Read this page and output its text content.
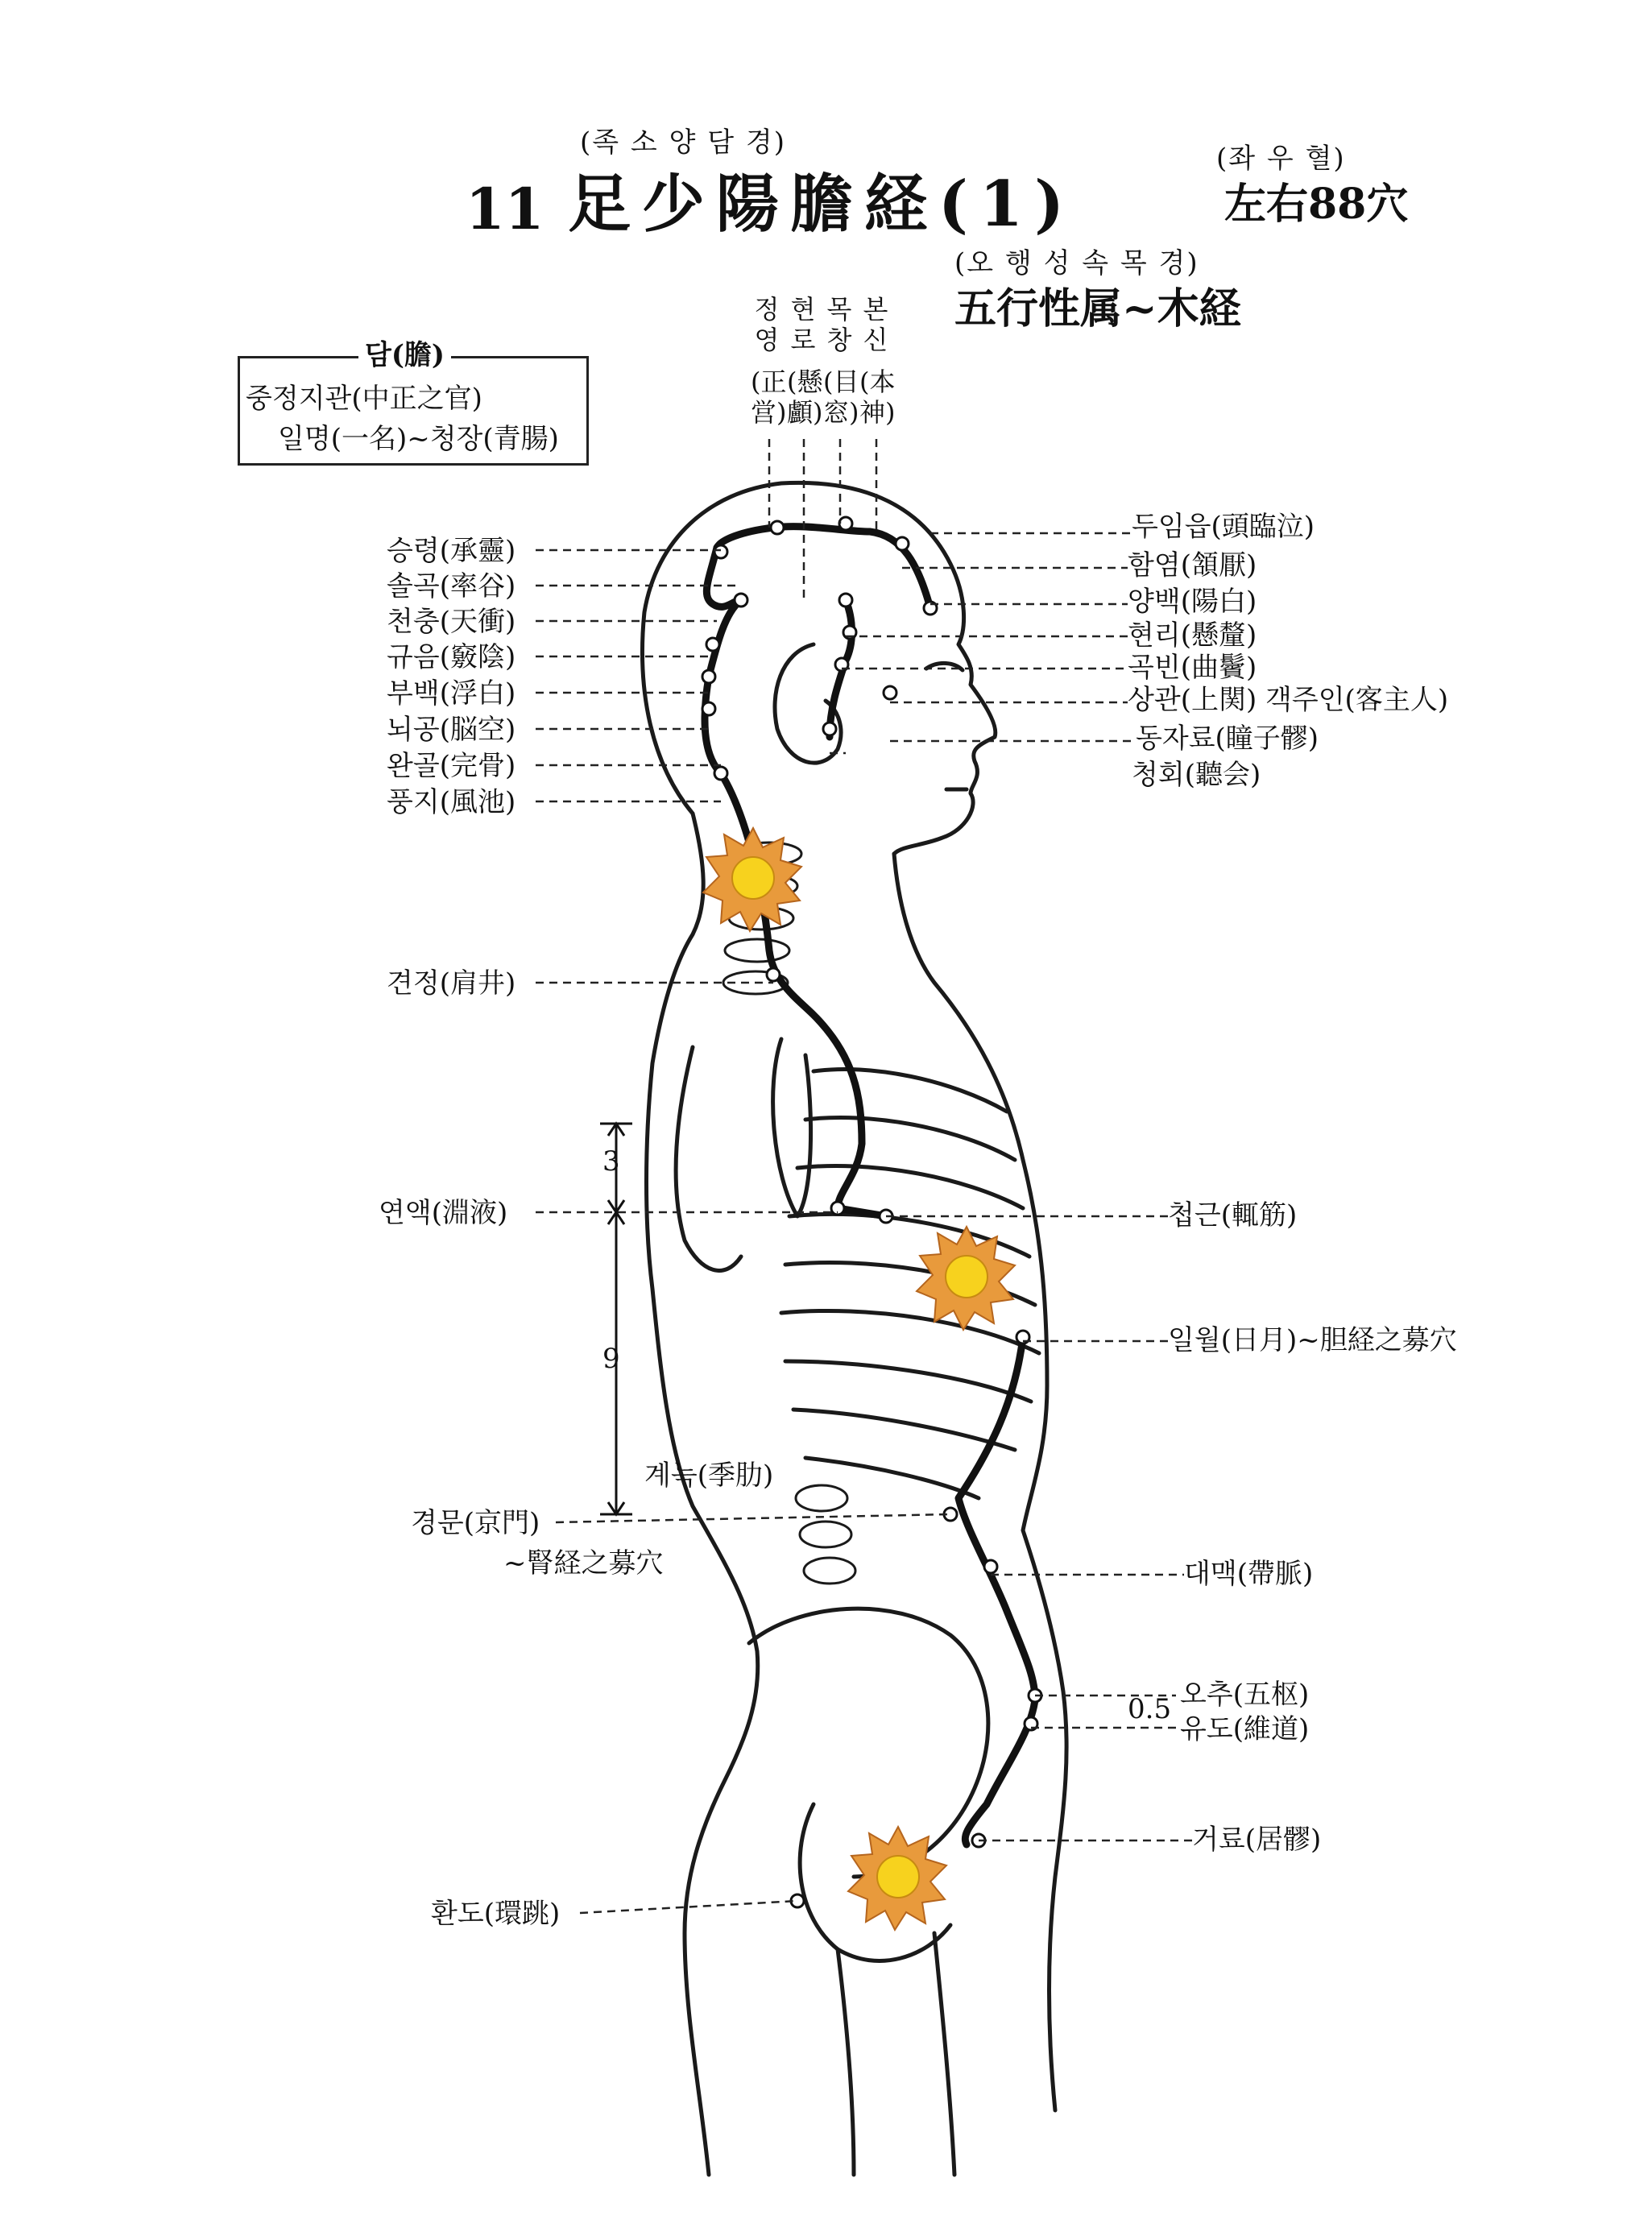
(족 소 양 담 경)
11 足少陽膽経(1)
(좌 우 혈)
左右88穴
(오 행 성 속 목 경)
五行性属~木経
담(膽)
중정지관(中正之官)
일명(一名)~청장(青腸)
정
영
(正
営)
현
로
(懸
顱)
목
창
(目
窓)
본
신
(本
神)
승령(承靈)
솔곡(率谷)
천충(天衝)
규음(竅陰)
부백(浮白)
뇌공(脳空)
완골(完骨)
풍지(風池)
견정(肩井)
연액(淵液)
경문(京門)
~腎経之募穴
환도(環跳)
두임읍(頭臨泣)
함염(頷厭)
양백(陽白)
현리(懸釐)
곡빈(曲鬢)
상관(上関) 객주인(客主人)
동자료(瞳子髎)
청회(聽会)
첩근(輒筋)
일월(日月)~胆経之募穴
대맥(帶脈)
오추(五枢)
유도(維道)
거료(居髎)
계늑(季肋)
3
9
0.5
